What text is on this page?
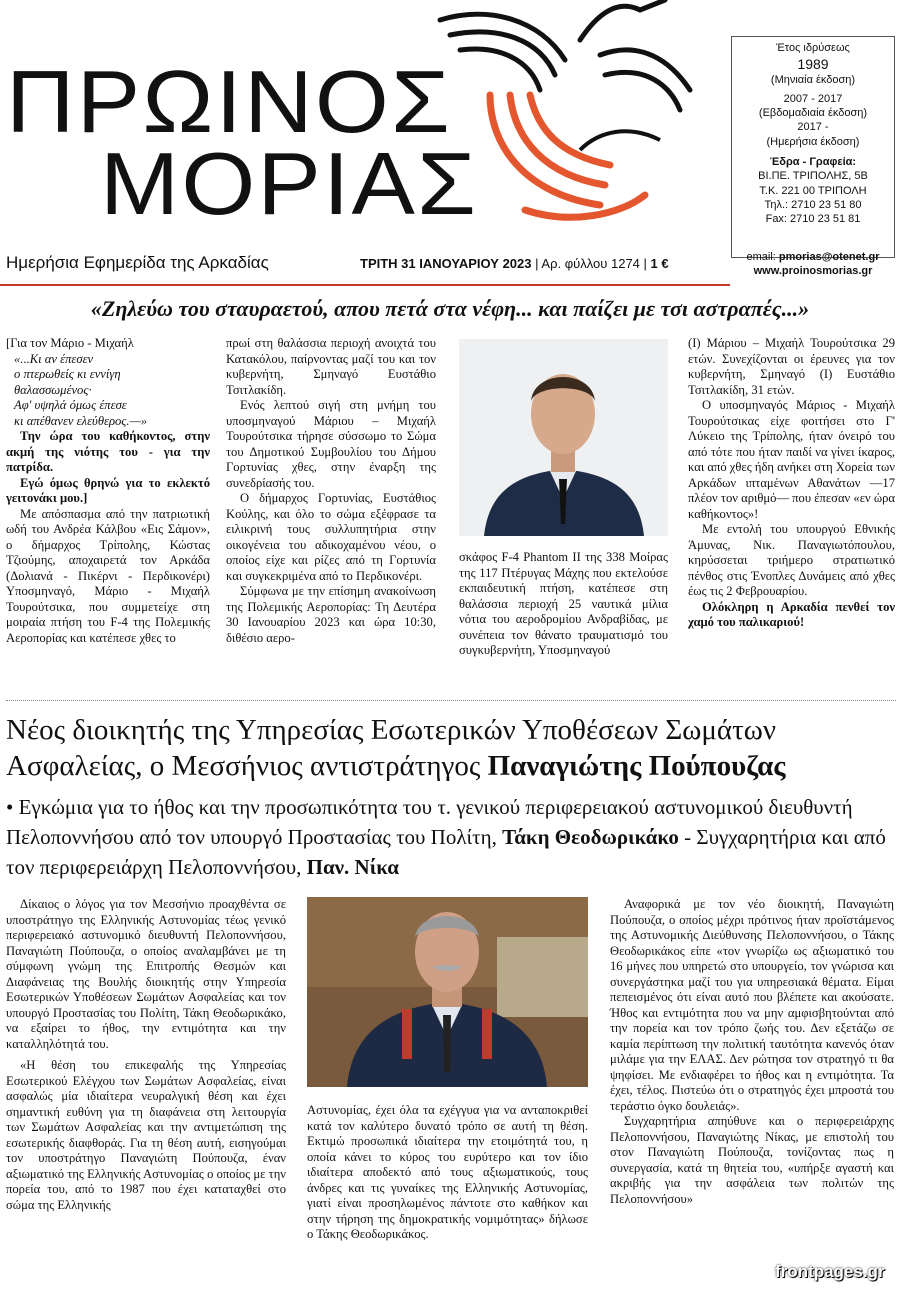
ΠΡΩΙΝΟΣ
ΜΟΡΙΑΣ
Ημερήσια Εφημερίδα της Αρκαδίας	ΤΡΙΤΗ 31 ΙΑΝΟΥΑΡΙΟΥ 2023 | Αρ. φύλλου 1274 | 1 €
Έτος ιδρύσεως
1989
(Μηνιαία έκδοση)
2007 - 2017
(Εβδομαδιαία έκδοση)
2017 -
(Ημερήσια έκδοση)
Έδρα - Γραφεία:
ΒΙ.ΠΕ. ΤΡΙΠΟΛΗΣ, 5Β
Τ.Κ. 221 00 ΤΡΙΠΟΛΗ
Τηλ.: 2710 23 51 80
Fax: 2710 23 51 81
email: pmorias@otenet.gr
www.proinosmorias.gr
«Ζηλεύω του σταυραετού, απου πετά στα νέφη... και παίζει με τσι αστραπές...»
[Για τον Μάριο - Μιχαήλ
«...Κι αν έπεσεν
ο πτερωθείς κι εννίγη
θαλασσωμένος·
Αφ' υψηλά όμως έπεσε
κι απέθανεν ελεύθερος.—»

Την ώρα του καθήκοντος, στην ακμή της νιότης του - για την πατρίδα.

Εγώ όμως θρηνώ για το εκλεκτό γειτονάκι μου.]

Με απόσπασμα από την πατριωτική ωδή του Ανδρέα Κάλβου «Εις Σάμον», ο δήμαρχος Τρίπολης, Κώστας Τζιούμης, αποχαιρετά τον Αρκάδα (Δολιανά - Πικέρνι - Περδικονέρι) Υποσμηναγό, Μάριο - Μιχαήλ Τουρούτσικα, που συμμετείχε στη μοιραία πτήση του F-4 της Πολεμικής Αεροπορίας και κατέπεσε χθες το

πρωί στη θαλάσσια περιοχή ανοιχτά του Κατακόλου, παίρνοντας μαζί του και τον κυβερνήτη, Σμηναγό Ευστάθιο Τσιτλακίδη.

Ενός λεπτού σιγή στη μνήμη του υποσμηναγού Μάριου – Μιχαήλ Τουρούτσικα τήρησε σύσσωμο το Σώμα του Δημοτικού Συμβουλίου του Δήμου Γορτυνίας χθες, στην έναρξη της συνεδρίασής του.

Ο δήμαρχος Γορτυνίας, Ευστάθιος Κούλης, και όλο το σώμα εξέφρασε τα ειλικρινή τους συλλυπητήρια στην οικογένεια του αδικοχαμένου νέου, ο οποίος είχε και ρίζες από τη Γορτυνία και συγκεκριμένα από το Περδικονέρι.

Σύμφωνα με την επίσημη ανακοίνωση της Πολεμικής Αεροπορίας: Τη Δευτέρα 30 Ιανουαρίου 2023 και ώρα 10:30, διθέσιο αερο-

σκάφος F-4 Phantom II της 338 Μοίρας της 117 Πτέρυγας Μάχης που εκτελούσε εκπαιδευτική πτήση, κατέπεσε στη θαλάσσια περιοχή 25 ναυτικά μίλια νότια του αεροδρομίου Ανδραβίδας, με συνέπεια τον θάνατο τραυματισμό του συγκυβερνήτη, Υποσμηναγού

(Ι) Μάριου – Μιχαήλ Τουρούτσικα 29 ετών. Συνεχίζονται οι έρευνες για τον κυβερνήτη, Σμηναγό (Ι) Ευστάθιο Τσιτλακίδη, 31 ετών.

Ο υποσμηναγός Μάριος - Μιχαήλ Τουρούτσικας είχε φοιτήσει στο Γ' Λύκειο της Τρίπολης, ήταν όνειρό του από τότε που ήταν παιδί να γίνει ίκαρος, και από χθες ήδη ανήκει στη Χορεία των Αρκάδων ιπταμένων Αθανάτων —17 πλέον τον αριθμό— που έπεσαν «εν ώρα καθήκοντος»!

Με εντολή του υπουργού Εθνικής Άμυνας, Νικ. Παναγιωτόπουλου, κηρύσσεται τριήμερο στρατιωτικό πένθος στις Ένοπλες Δυνάμεις από χθες έως τις 2 Φεβρουαρίου.

Ολόκληρη η Αρκαδία πενθεί τον χαμό του παλικαριού!

Νέος διοικητής της Υπηρεσίας Εσωτερικών Υποθέσεων Σωμάτων Ασφαλείας, ο Μεσσήνιος αντιστράτηγος Παναγιώτης Πούπουζας
• Εγκώμια για το ήθος και την προσωπικότητα του τ. γενικού περιφερειακού αστυνομικού διευθυντή Πελοποννήσου από τον υπουργό Προστασίας του Πολίτη, Τάκη Θεοδωρικάκο - Συγχαρητήρια και από τον περιφερειάρχη Πελοποννήσου, Παν. Νίκα

Δίκαιος ο λόγος για τον Μεσσήνιο προαχθέντα σε υποστράτηγο της Ελληνικής Αστυνομίας τέως γενικό περιφερειακό αστυνομικό διευθυντή Πελοποννήσου, Παναγιώτη Πούπουζα, ο οποίος αναλαμβάνει με τη σύμφωνη γνώμη της Επιτροπής Θεσμών και Διαφάνειας της Βουλής διοικητής στην Υπηρεσία Εσωτερικών Υποθέσεων Σωμάτων Ασφαλείας και τον υπουργό Προστασίας του Πολίτη, Τάκη Θεοδωρικάκο, να εξαίρει το ήθος, την εντιμότητα και την καταλληλότητά του.

«Η θέση του επικεφαλής της Υπηρεσίας Εσωτερικού Ελέγχου των Σωμάτων Ασφαλείας, είναι ασφαλώς μία ιδιαίτερα νευραλγική θέση και έχει σημαντική ευθύνη για τη διαφάνεια στη λειτουργία των Σωμάτων Ασφαλείας και την αντιμετώπιση της εσωτερικής διαφθοράς. Για τη θέση αυτή, εισηγούμαι τον υποστράτηγο Παναγιώτη Πούπουζα, έναν αξιωματικό της Ελληνικής Αστυνομίας ο οποίος με την πορεία του, από το 1987 που έχει καταταχθεί στο σώμα της Ελληνικής

Αστυνομίας, έχει όλα τα εχέγγυα για να ανταποκριθεί κατά τον καλύτερο δυνατό τρόπο σε αυτή τη θέση. Εκτιμώ προσωπικά ιδιαίτερα την ετοιμότητά του, η οποία κάνει το κύρος του ευρύτερο και τον ίδιο ιδιαίτερα αποδεκτό από τους αξιωματικούς, τους άνδρες και τις γυναίκες της Ελληνικής Αστυνομίας, γιατί είναι προσηλωμένος πάντοτε στο καθήκον και στην τήρηση της δημοκρατικής νομιμότητας» δήλωσε ο Τάκης Θεοδωρικάκος.

Αναφορικά με τον νέο διοικητή, Παναγιώτη Πούπουζα, ο οποίος μέχρι πρότινος ήταν προϊστάμενος της Αστυνομικής Διεύθυνσης Πελοποννήσου, ο Τάκης Θεοδωρικάκος είπε «τον γνωρίζω ως αξιωματικό του 16 μήνες που υπηρετώ στο υπουργείο, τον γνώρισα και συνεργάστηκα μαζί του για υπηρεσιακά θέματα. Είμαι πεπεισμένος ότι είναι αυτό που βλέπετε και ακούσατε. Ήθος και εντιμότητα που να μην αμφισβητούνται από την πορεία και τον τρόπο ζωής του. Δεν εξετάζω σε καμία περίπτωση την πολιτική ταυτότητα κανενός όταν μιλάμε για την ΕΛΑΣ. Δεν ρώτησα τον στρατηγό τι θα ψηφίσει. Με ενδιαφέρει το ήθος και η εντιμότητα. Τα έχει, τέλος. Πιστεύω ότι ο στρατηγός έχει μπροστά του τεράστιο όγκο δουλειάς».

Συγχαρητήρια απηύθυνε και ο περιφερειάρχης Πελοποννήσου, Παναγιώτης Νίκας, με επιστολή του στον Παναγιώτη Πούπουζα, τονίζοντας πως η συνεργασία, κατά τη θητεία του, «υπήρξε αγαστή και ακριβής για την ασφάλεια των πολιτών της Πελοποννήσου»

frontpages.gr
